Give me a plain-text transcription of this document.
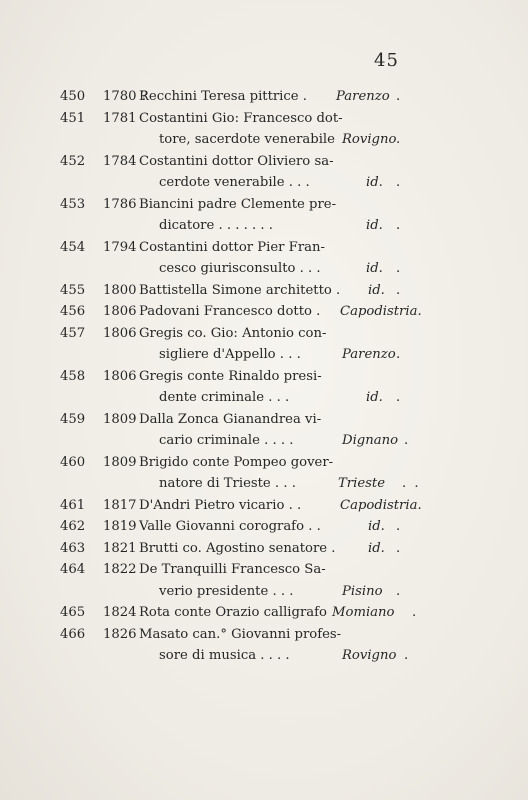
45
450	1780 ?
Recchini Teresa pittrice . Parenzo .
451	1781 Costantini Gio: Francesco dot-
tore, sacerdote venerabile Rovigno .
452	1784 Costantini dottor Oliviero sa-
cerdote venerabile . . .	id. .
453	1786 Biancini padre Clemente pre-
dicatore . . . . . . .	id. .
454	1794 Costantini dottor Pier Fran-
cesco giurisconsulto . . .	id. .
455	1800 Battistella Simone architetto . id. .
456	1806 Padovani Francesco dotto . Capodistria.
457	1806 Gregis co. Gio: Antonio con-
sigliere d'Appello . . .	Parenzo .
458	1806 Gregis conte Rinaldo presi-
dente criminale . . .	id. .
459	1809 Dalla Zonca Gianandrea vi-
cario criminale . . . .	Dignano .
460	1809 Brigido conte Pompeo gover-
natore di Trieste . . .	Trieste . .
461	1817 D'Andri Pietro vicario . .	Capodistria.
462	1819 Valle Giovanni corografo . .	id. .
463	1821 Brutti co. Agostino senatore . id. .
464	1822 De Tranquilli Francesco Sa-
verio presidente . . .	Pisino .
465	1824 Rota conte Orazio calligrafo Momiano .
466	1826 Masato can.° Giovanni profes-
sore di musica . . . .	Rovigno .
